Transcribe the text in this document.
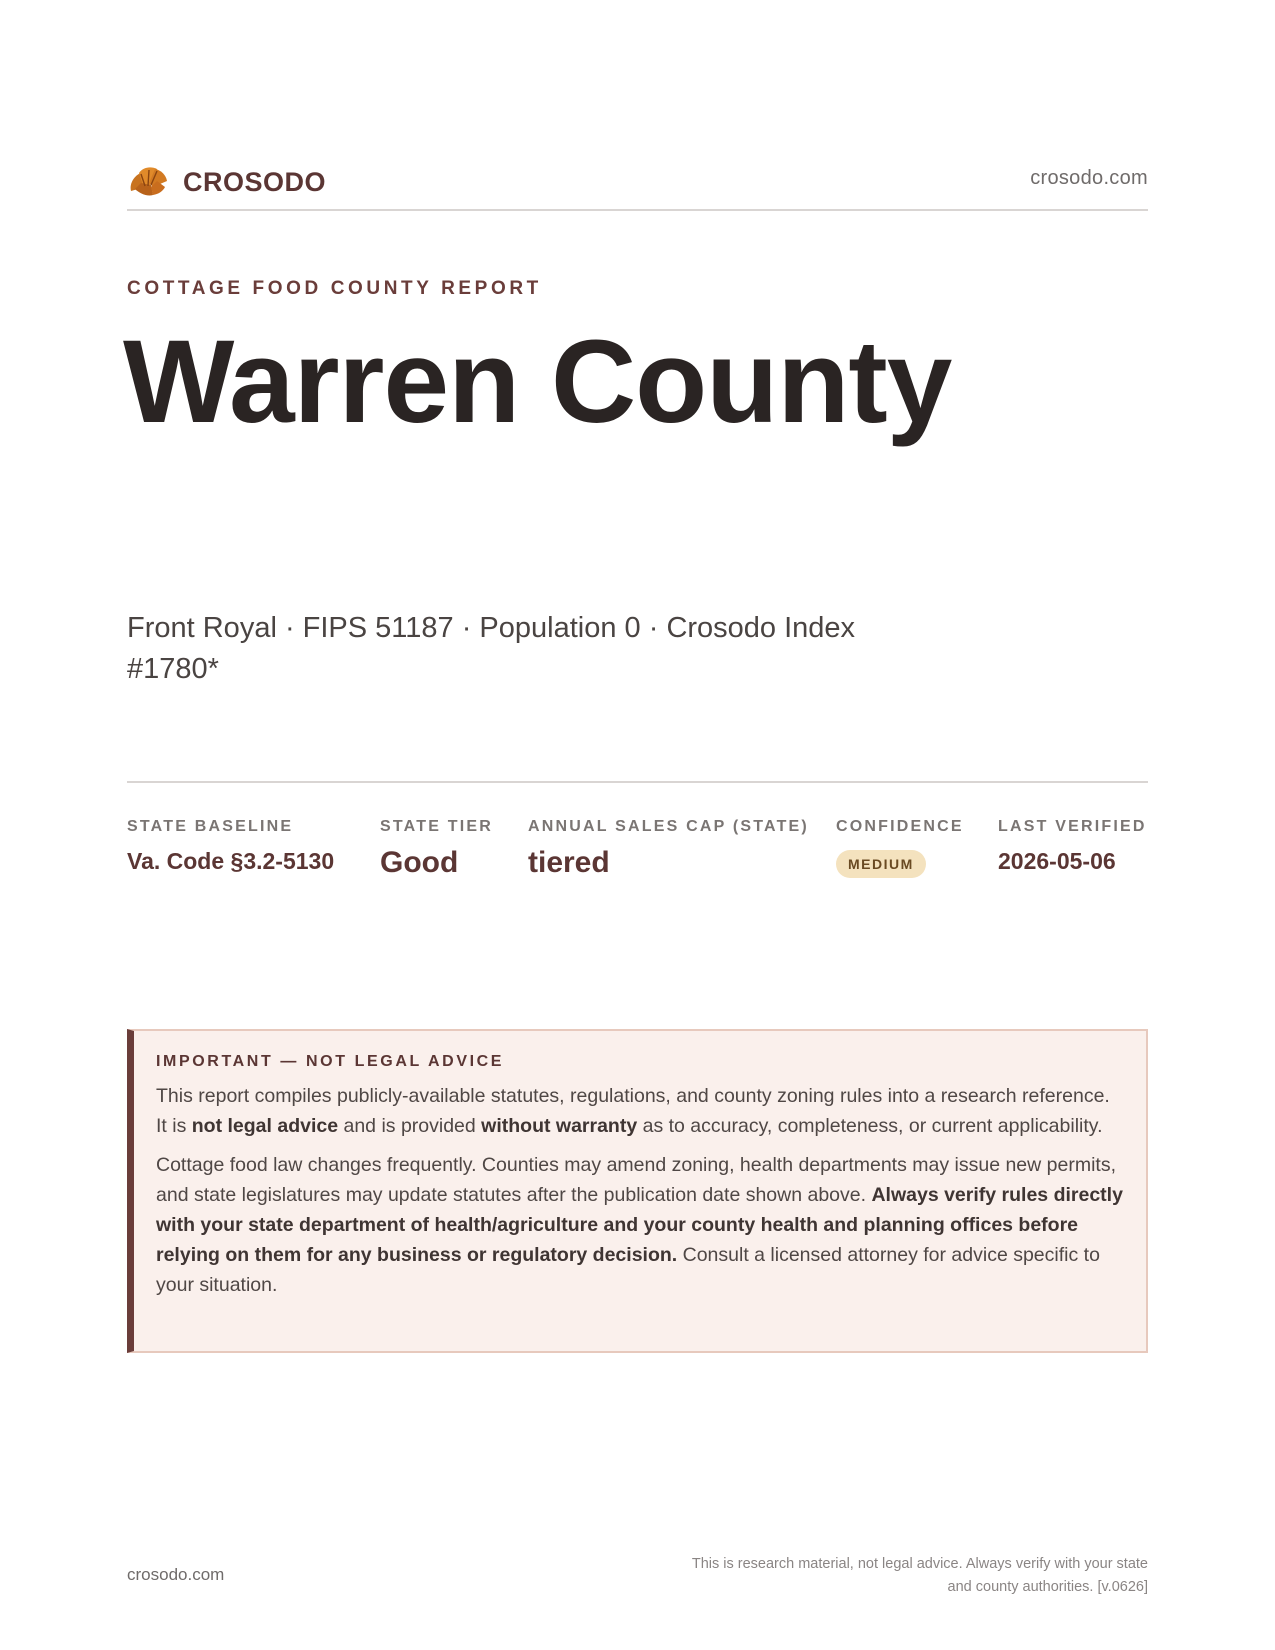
CROSODO	crosodo.com
COTTAGE FOOD COUNTY REPORT
Warren County
Front Royal · FIPS 51187 · Population 0 · Crosodo Index #1780*
STATE BASELINE
Va. Code §3.2-5130
STATE TIER
Good
ANNUAL SALES CAP (STATE)
tiered
CONFIDENCE
MEDIUM
LAST VERIFIED
2026-05-06
IMPORTANT — NOT LEGAL ADVICE

This report compiles publicly-available statutes, regulations, and county zoning rules into a research reference. It is not legal advice and is provided without warranty as to accuracy, completeness, or current applicability.

Cottage food law changes frequently. Counties may amend zoning, health departments may issue new permits, and state legislatures may update statutes after the publication date shown above. Always verify rules directly with your state department of health/agriculture and your county health and planning offices before relying on them for any business or regulatory decision. Consult a licensed attorney for advice specific to your situation.

crosodo.com
This is research material, not legal advice. Always verify with your state
and county authorities. [v.0626]
